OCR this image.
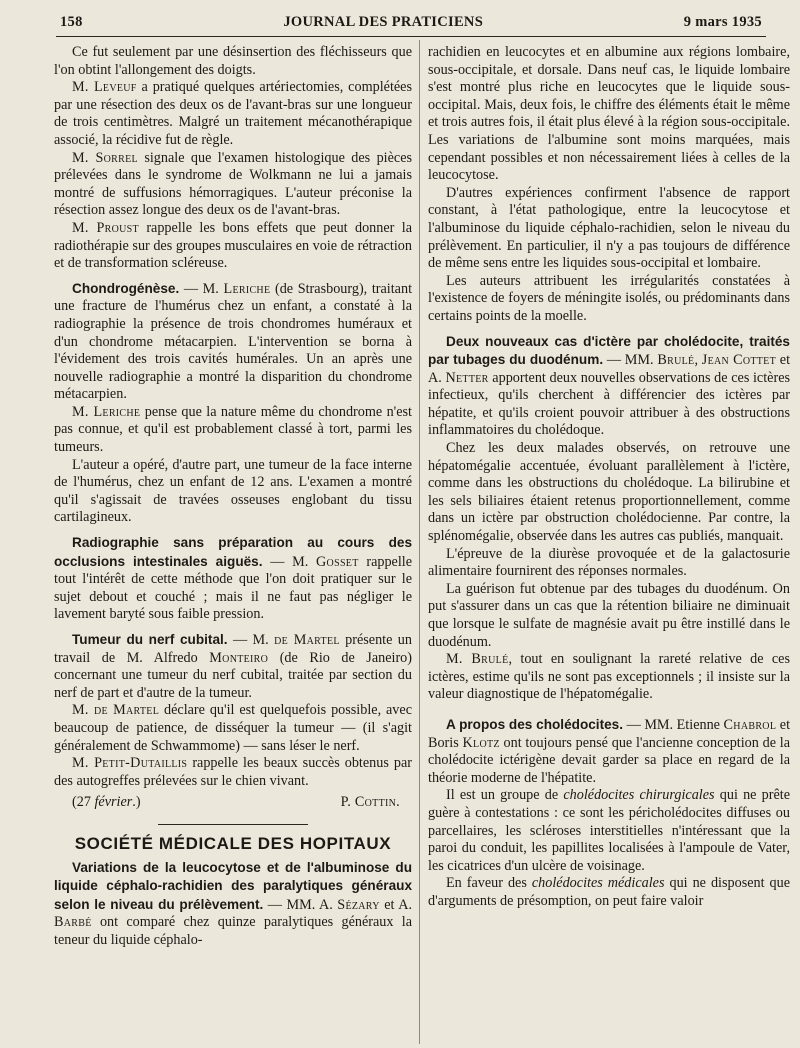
158	JOURNAL DES PRATICIENS	9 mars 1935

Ce fut seulement par une désinsertion des fléchisseurs que l'on obtint l'allongement des doigts.

M. Leveuf a pratiqué quelques artériectomies, complétées par une résection des deux os de l'avant-bras sur une longueur de trois centimètres. Malgré un traitement mécanothérapique associé, la récidive fut de règle.

M. Sorrel signale que l'examen histologique des pièces prélevées dans le syndrome de Wolkmann ne lui a jamais montré de suffusions hémorragiques. L'auteur préconise la résection assez longue des deux os de l'avant-bras.

M. Proust rappelle les bons effets que peut donner la radiothérapie sur des groupes musculaires en voie de rétraction et de transformation scléreuse.

Chondrogénèse. — M. Leriche (de Strasbourg), traitant une fracture de l'humérus chez un enfant, a constaté à la radiographie la présence de trois chondromes huméraux et d'un chondrome métacarpien. L'intervention se borna à l'évidement des trois cavités humérales. Un an après une nouvelle radiographie a montré la disparition du chondrome métacarpien.

M. Leriche pense que la nature même du chondrome n'est pas connue, et qu'il est probablement classé à tort, parmi les tumeurs.

L'auteur a opéré, d'autre part, une tumeur de la face interne de l'humérus, chez un enfant de 12 ans. L'examen a montré qu'il s'agissait de travées osseuses englobant du tissu cartilagineux.

Radiographie sans préparation au cours des occlusions intestinales aiguës. — M. Gosset rappelle tout l'intérêt de cette méthode que l'on doit pratiquer sur le sujet debout et couché ; mais il ne faut pas négliger le lavement baryté sous faible pression.

Tumeur du nerf cubital. — M. de Martel présente un travail de M. Alfredo Monteiro (de Rio de Janeiro) concernant une tumeur du nerf cubital, traitée par section du nerf de part et d'autre de la tumeur.

M. de Martel déclare qu'il est quelquefois possible, avec beaucoup de patience, de disséquer la tumeur — (il s'agit généralement de Schwammome) — sans léser le nerf.

M. Petit-Dutaillis rappelle les beaux succès obtenus par des autogreffes prélevées sur le chien vivant.

(27 février.)	P. Cottin.
SOCIÉTÉ MÉDICALE DES HOPITAUX

Variations de la leucocytose et de l'albuminose du liquide céphalo-rachidien des paralytiques généraux selon le niveau du prélèvement. — MM. A. Sézary et A. Barbé ont comparé chez quinze paralytiques généraux la teneur du liquide céphalo-

rachidien en leucocytes et en albumine aux régions lombaire, sous-occipitale, et dorsale. Dans neuf cas, le liquide lombaire s'est montré plus riche en leucocytes que le liquide sous-occipital. Mais, deux fois, le chiffre des éléments était le même et trois autres fois, il était plus élevé à la région sous-occipitale. Les variations de l'albumine sont moins marquées, mais cependant possibles et non nécessairement liées à celles de la leucocytose.

D'autres expériences confirment l'absence de rapport constant, à l'état pathologique, entre la leucocytose et l'albuminose du liquide céphalo-rachidien, selon le niveau du prélèvement. En particulier, il n'y a pas toujours de différence de même sens entre les liquides sous-occipital et lombaire.

Les auteurs attribuent les irrégularités constatées à l'existence de foyers de méningite isolés, ou prédominants dans certains points de la moelle.

Deux nouveaux cas d'ictère par cholédocite, traités par tubages du duodénum. — MM. Brulé, Jean Cottet et A. Netter apportent deux nouvelles observations de ces ictères infectieux, qu'ils cherchent à différencier des ictères par hépatite, et qu'ils croient pouvoir attribuer à des obstructions inflammatoires du cholédoque.

Chez les deux malades observés, on retrouve une hépatomégalie accentuée, évoluant parallèlement à l'ictère, comme dans les obstructions du cholédoque. La bilirubine et les sels biliaires étaient retenus proportionnellement, comme dans un ictère par obstruction cholédocienne. Par contre, la splénomégalie, observée dans les autres cas publiés, manquait.

L'épreuve de la diurèse provoquée et de la galactosurie alimentaire fournirent des réponses normales.

La guérison fut obtenue par des tubages du duodénum. On put s'assurer dans un cas que la rétention biliaire ne diminuait que lorsque le sulfate de magnésie avait pu être instillé dans le duodénum.

M. Brulé, tout en soulignant la rareté relative de ces ictères, estime qu'ils ne sont pas exceptionnels ; il insiste sur la valeur diagnostique de l'hépatomégalie.

A propos des cholédocites. — MM. Etienne Chabrol et Boris Klotz ont toujours pensé que l'ancienne conception de la cholédocite ictérigène devait garder sa place en regard de la théorie moderne de l'hépatite.

Il est un groupe de cholédocites chirurgicales qui ne prête guère à contestations : ce sont les péricholédocites diffuses ou parcellaires, les scléroses interstitielles n'intéressant que la paroi du conduit, les papillites localisées à l'ampoule de Vater, les cicatrices d'un ulcère de voisinage.

En faveur des cholédocites médicales qui ne disposent que d'arguments de présomption, on peut faire valoir
